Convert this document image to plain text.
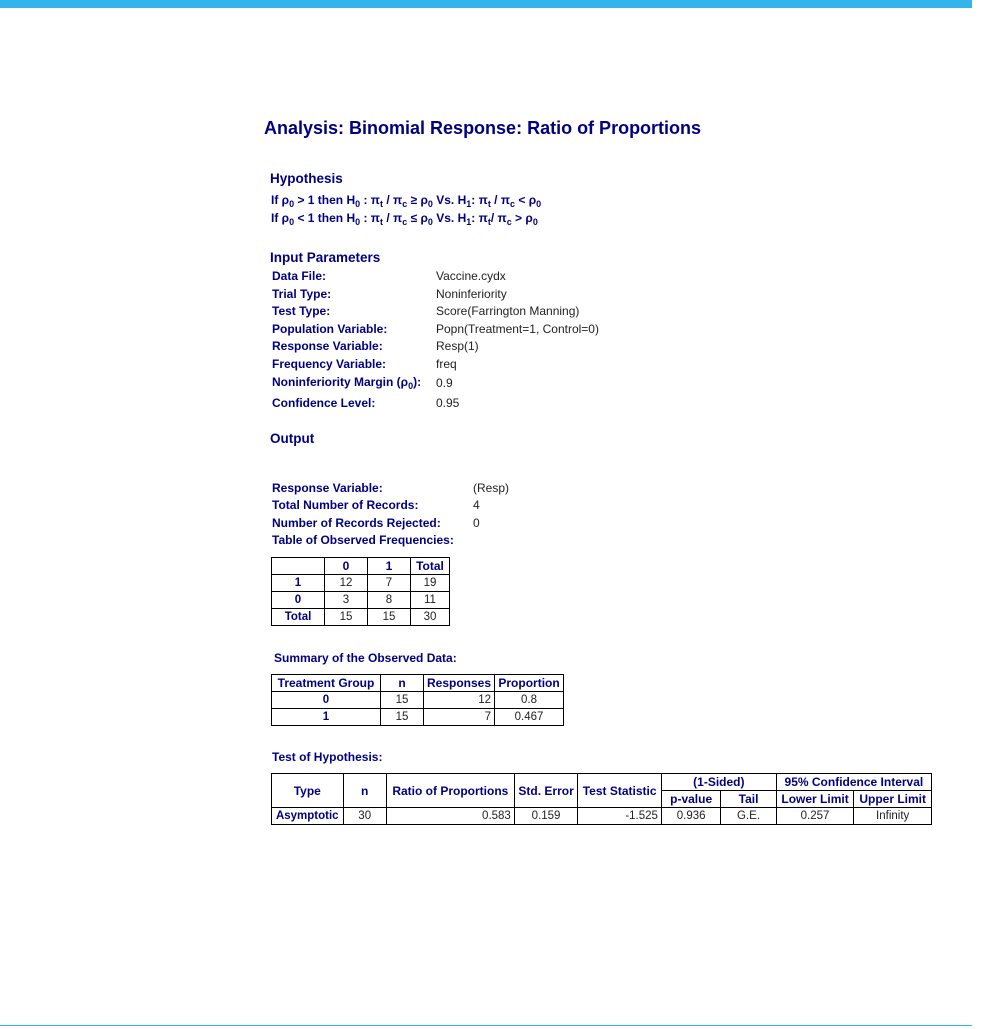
Analysis: Binomial Response: Ratio of Proportions
Hypothesis
If $\rho_0 > 1$ then $H_0$ : $\pi_t / \pi_c \ge \rho_0$ Vs. $H_1$: $\pi_t / \pi_c < \rho_0$
If $\rho_0 < 1$ then $H_0$ : $\pi_t / \pi_c \le \rho_0$ Vs. $H_1$: $\pi_t/$ $\pi_c > \rho_0$
Input Parameters
Data File:	Vaccine.cydx
Trial Type:	Noninferiority
Test Type:	Score(Farrington Manning)
Population Variable:	Popn(Treatment=1, Control=0)
Response Variable:	Resp(1)
Frequency Variable:	freq
Noninferiority Margin $(\rho_0)$: 0.9
Confidence Level:	0.95
Output
Response Variable:	(Resp)
Total Number of Records:	4
Number of Records Rejected:	0
Table of Observed Frequencies:
	0	1	Total
1	12	7	19
0	3	8	11
Total	15	15	30
Summary of the Observed Data:
Treatment Group	n	Responses	Proportion
0	15	12	0.8
1	15	7	0.467
Test of Hypothesis:
Type	n	Ratio of Proportions	Std. Error	Test Statistic	(1-Sided)		95% Confidence Interval	
					p-value	Tail	Lower Limit	Upper Limit
Asymptotic	30	0.583	0.159	-1.525	0.936	G.E.	0.257	Infinity
